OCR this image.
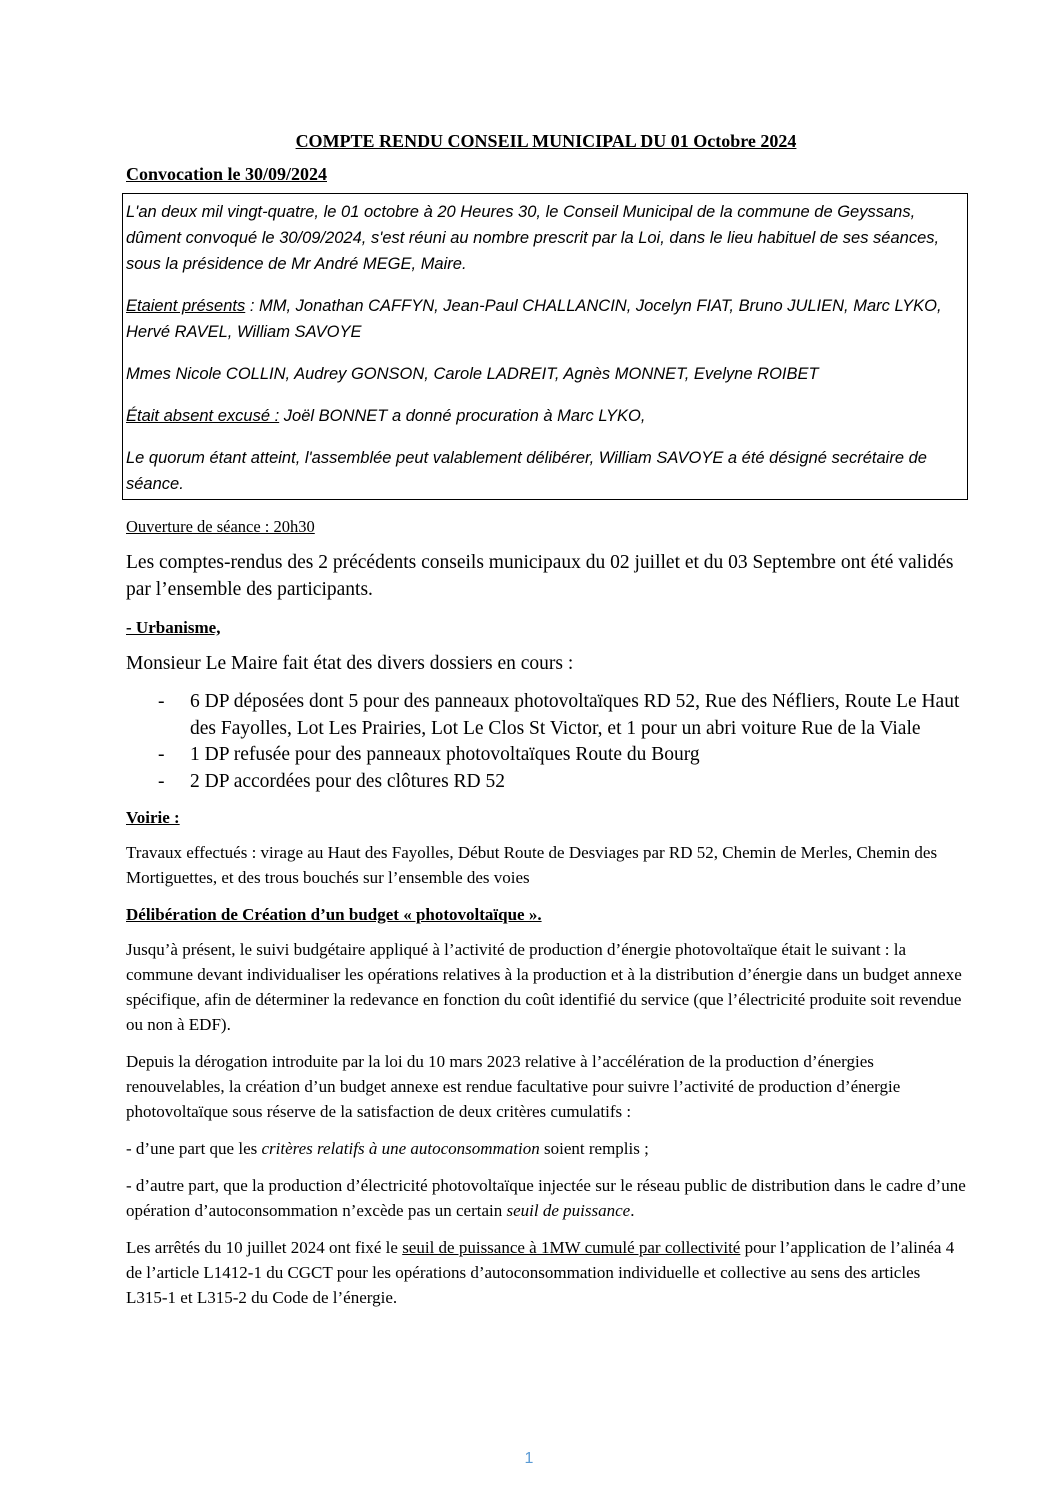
COMPTE RENDU CONSEIL MUNICIPAL DU 01 Octobre 2024
Convocation le 30/09/2024

L'an deux mil vingt-quatre, le 01 octobre à 20 Heures 30, le Conseil Municipal de la commune de Geyssans, dûment convoqué le 30/09/2024, s'est réuni au nombre prescrit par la Loi, dans le lieu habituel de ses séances, sous la présidence de Mr André MEGE, Maire.

Etaient présents : MM, Jonathan CAFFYN, Jean-Paul CHALLANCIN, Jocelyn FIAT, Bruno JULIEN, Marc LYKO, Hervé RAVEL, William SAVOYE

Mmes Nicole COLLIN, Audrey GONSON, Carole LADREIT, Agnès MONNET, Evelyne ROIBET

Était absent excusé : Joël BONNET a donné procuration à Marc LYKO,

Le quorum étant atteint, l'assemblée peut valablement délibérer, William SAVOYE a été désigné secrétaire de séance.

Ouverture de séance : 20h30

Les comptes-rendus des 2 précédents conseils municipaux du 02 juillet et du 03 Septembre ont été validés par l’ensemble des participants.

- Urbanisme,

Monsieur Le Maire fait état des divers dossiers en cours :

- 6 DP déposées dont 5 pour des panneaux photovoltaïques RD 52, Rue des Néfliers, Route Le Haut des Fayolles, Lot Les Prairies, Lot Le Clos St Victor, et 1 pour un abri voiture Rue de la Viale
- 1 DP refusée pour des panneaux photovoltaïques Route du Bourg
- 2 DP accordées pour des clôtures RD 52
Voirie :

Travaux effectués : virage au Haut des Fayolles, Début Route de Desviages par RD 52, Chemin de Merles, Chemin des Mortiguettes, et des trous bouchés sur l’ensemble des voies

Délibération de Création d’un budget « photovoltaïque ».

Jusqu’à présent, le suivi budgétaire appliqué à l’activité de production d’énergie photovoltaïque était le suivant : la commune devant individualiser les opérations relatives à la production et à la distribution d’énergie dans un budget annexe spécifique, afin de déterminer la redevance en fonction du coût identifié du service (que l’électricité produite soit revendue ou non à EDF).

Depuis la dérogation introduite par la loi du 10 mars 2023 relative à l’accélération de la production d’énergies renouvelables, la création d’un budget annexe est rendue facultative pour suivre l’activité de production d’énergie photovoltaïque sous réserve de la satisfaction de deux critères cumulatifs :

- d’une part que les critères relatifs à une autoconsommation soient remplis ;

- d’autre part, que la production d’électricité photovoltaïque injectée sur le réseau public de distribution dans le cadre d’une opération d’autoconsommation n’excède pas un certain seuil de puissance.

Les arrêtés du 10 juillet 2024 ont fixé le seuil de puissance à 1MW cumulé par collectivité pour l’application de l’alinéa 4 de l’article L1412-1 du CGCT pour les opérations d’autoconsommation individuelle et collective au sens des articles L315-1 et L315-2 du Code de l’énergie.

1
